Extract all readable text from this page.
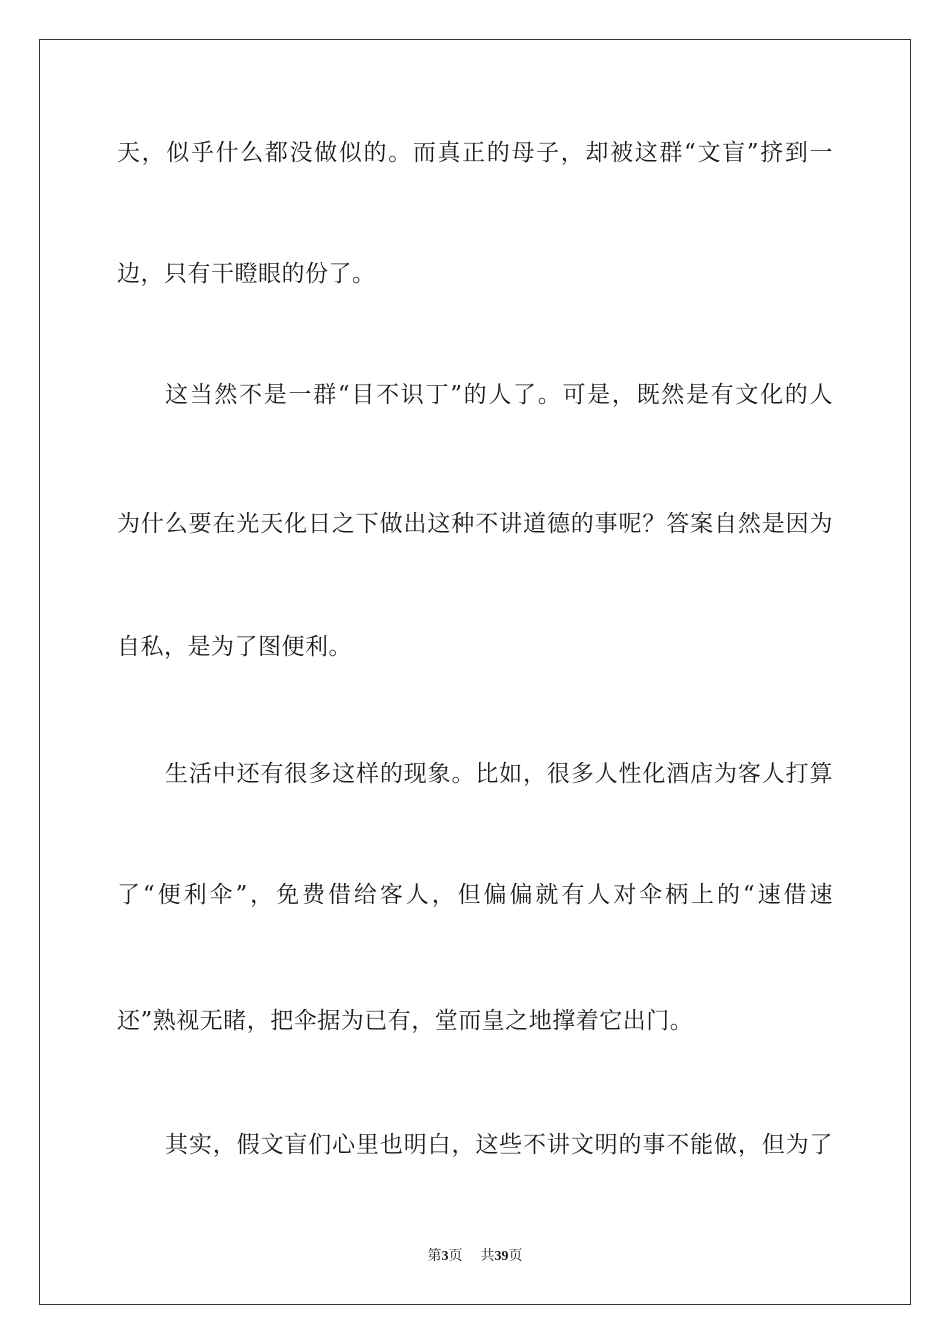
天，似乎什么都没做似的。而真正的母子，却被这群“文盲”挤到一
边，只有干瞪眼的份了。
这当然不是一群“目不识丁”的人了。可是，既然是有文化的人
为什么要在光天化日之下做出这种不讲道德的事呢？答案自然是因为
自私，是为了图便利。
生活中还有很多这样的现象。比如，很多人性化酒店为客人打算
了“便利伞”，免费借给客人，但偏偏就有人对伞柄上的“速借速
还”熟视无睹，把伞据为已有，堂而皇之地撑着它出门。
其实，假文盲们心里也明白，这些不讲文明的事不能做，但为了
第3页 共39页
